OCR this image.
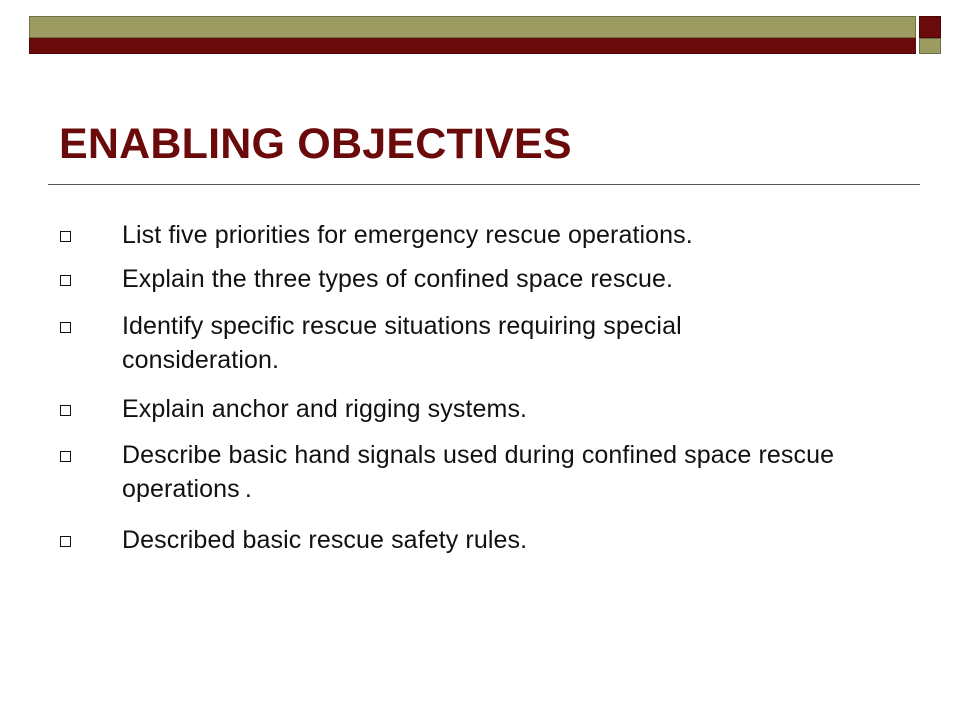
ENABLING OBJECTIVES
List five priorities for emergency rescue operations.
Explain the three types of confined space rescue.
Identify specific rescue situations requiring special consideration.
Explain anchor and rigging systems.
Describe basic hand signals used during confined space rescue operations .
Described basic rescue safety rules.
